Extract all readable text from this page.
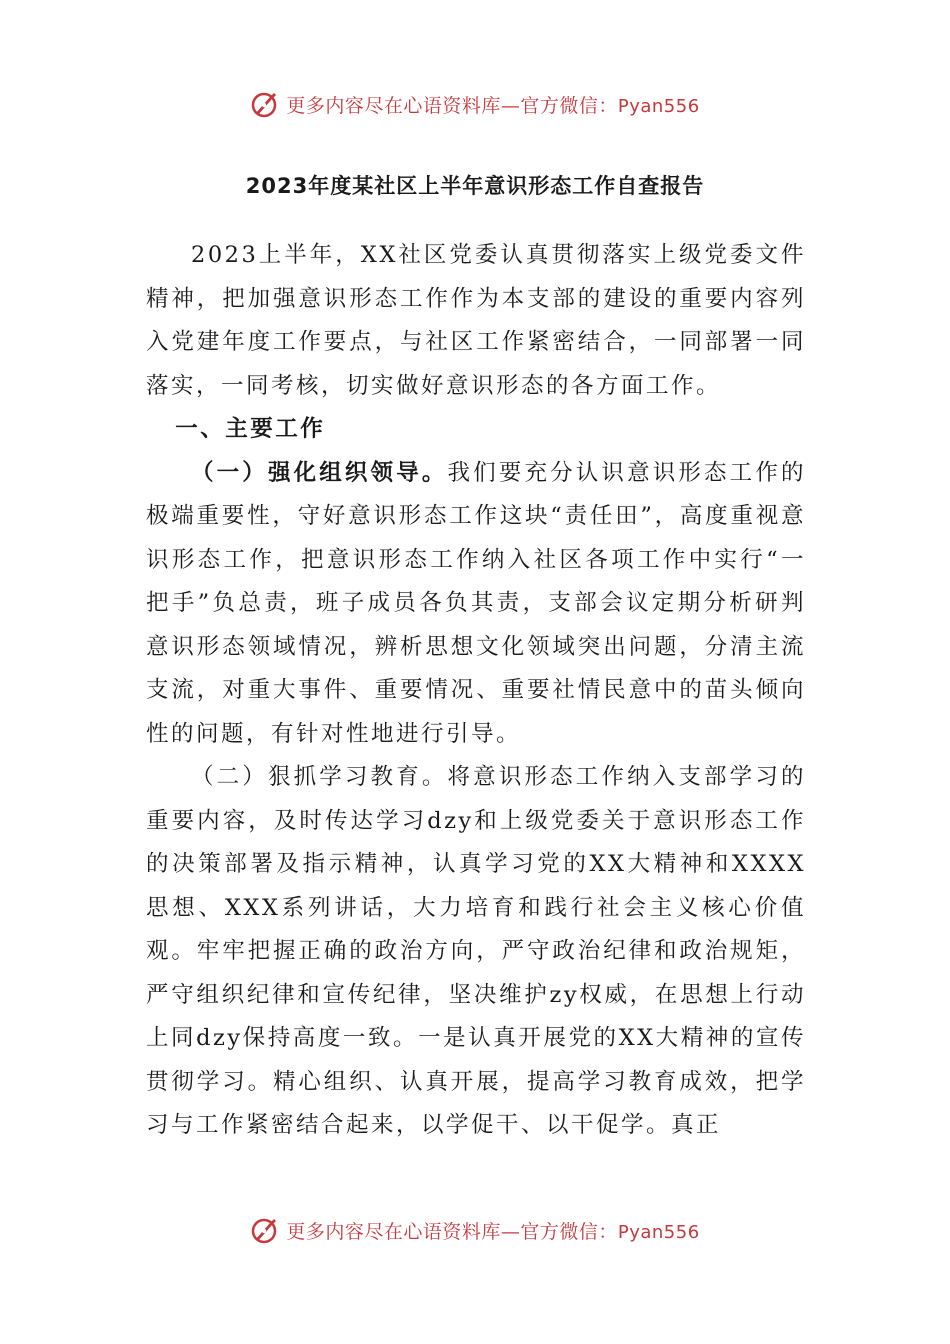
更多内容尽在心语资料库—官方微信：Pyan556
2023年度某社区上半年意识形态工作自查报告

2023上半年，XX社区党委认真贯彻落实上级党委文件精神，把加强意识形态工作作为本支部的建设的重要内容列入党建年度工作要点，与社区工作紧密结合，一同部署一同落实，一同考核，切实做好意识形态的各方面工作。

一、主要工作

（一）强化组织领导。我们要充分认识意识形态工作的极端重要性，守好意识形态工作这块“责任田”，高度重视意识形态工作，把意识形态工作纳入社区各项工作中实行“一把手”负总责，班子成员各负其责，支部会议定期分析研判意识形态领域情况，辨析思想文化领域突出问题，分清主流支流，对重大事件、重要情况、重要社情民意中的苗头倾向性的问题，有针对性地进行引导。

（二）狠抓学习教育。将意识形态工作纳入支部学习的重要内容，及时传达学习dzy和上级党委关于意识形态工作的决策部署及指示精神，认真学习党的XX大精神和XXXX思想、XXX系列讲话，大力培育和践行社会主义核心价值观。牢牢把握正确的政治方向，严守政治纪律和政治规矩，严守组织纪律和宣传纪律，坚决维护zy权威，在思想上行动上同dzy保持高度一致。一是认真开展党的XX大精神的宣传贯彻学习。精心组织、认真开展，提高学习教育成效，把学习与工作紧密结合起来，以学促干、以干促学。真正

更多内容尽在心语资料库—官方微信：Pyan556
